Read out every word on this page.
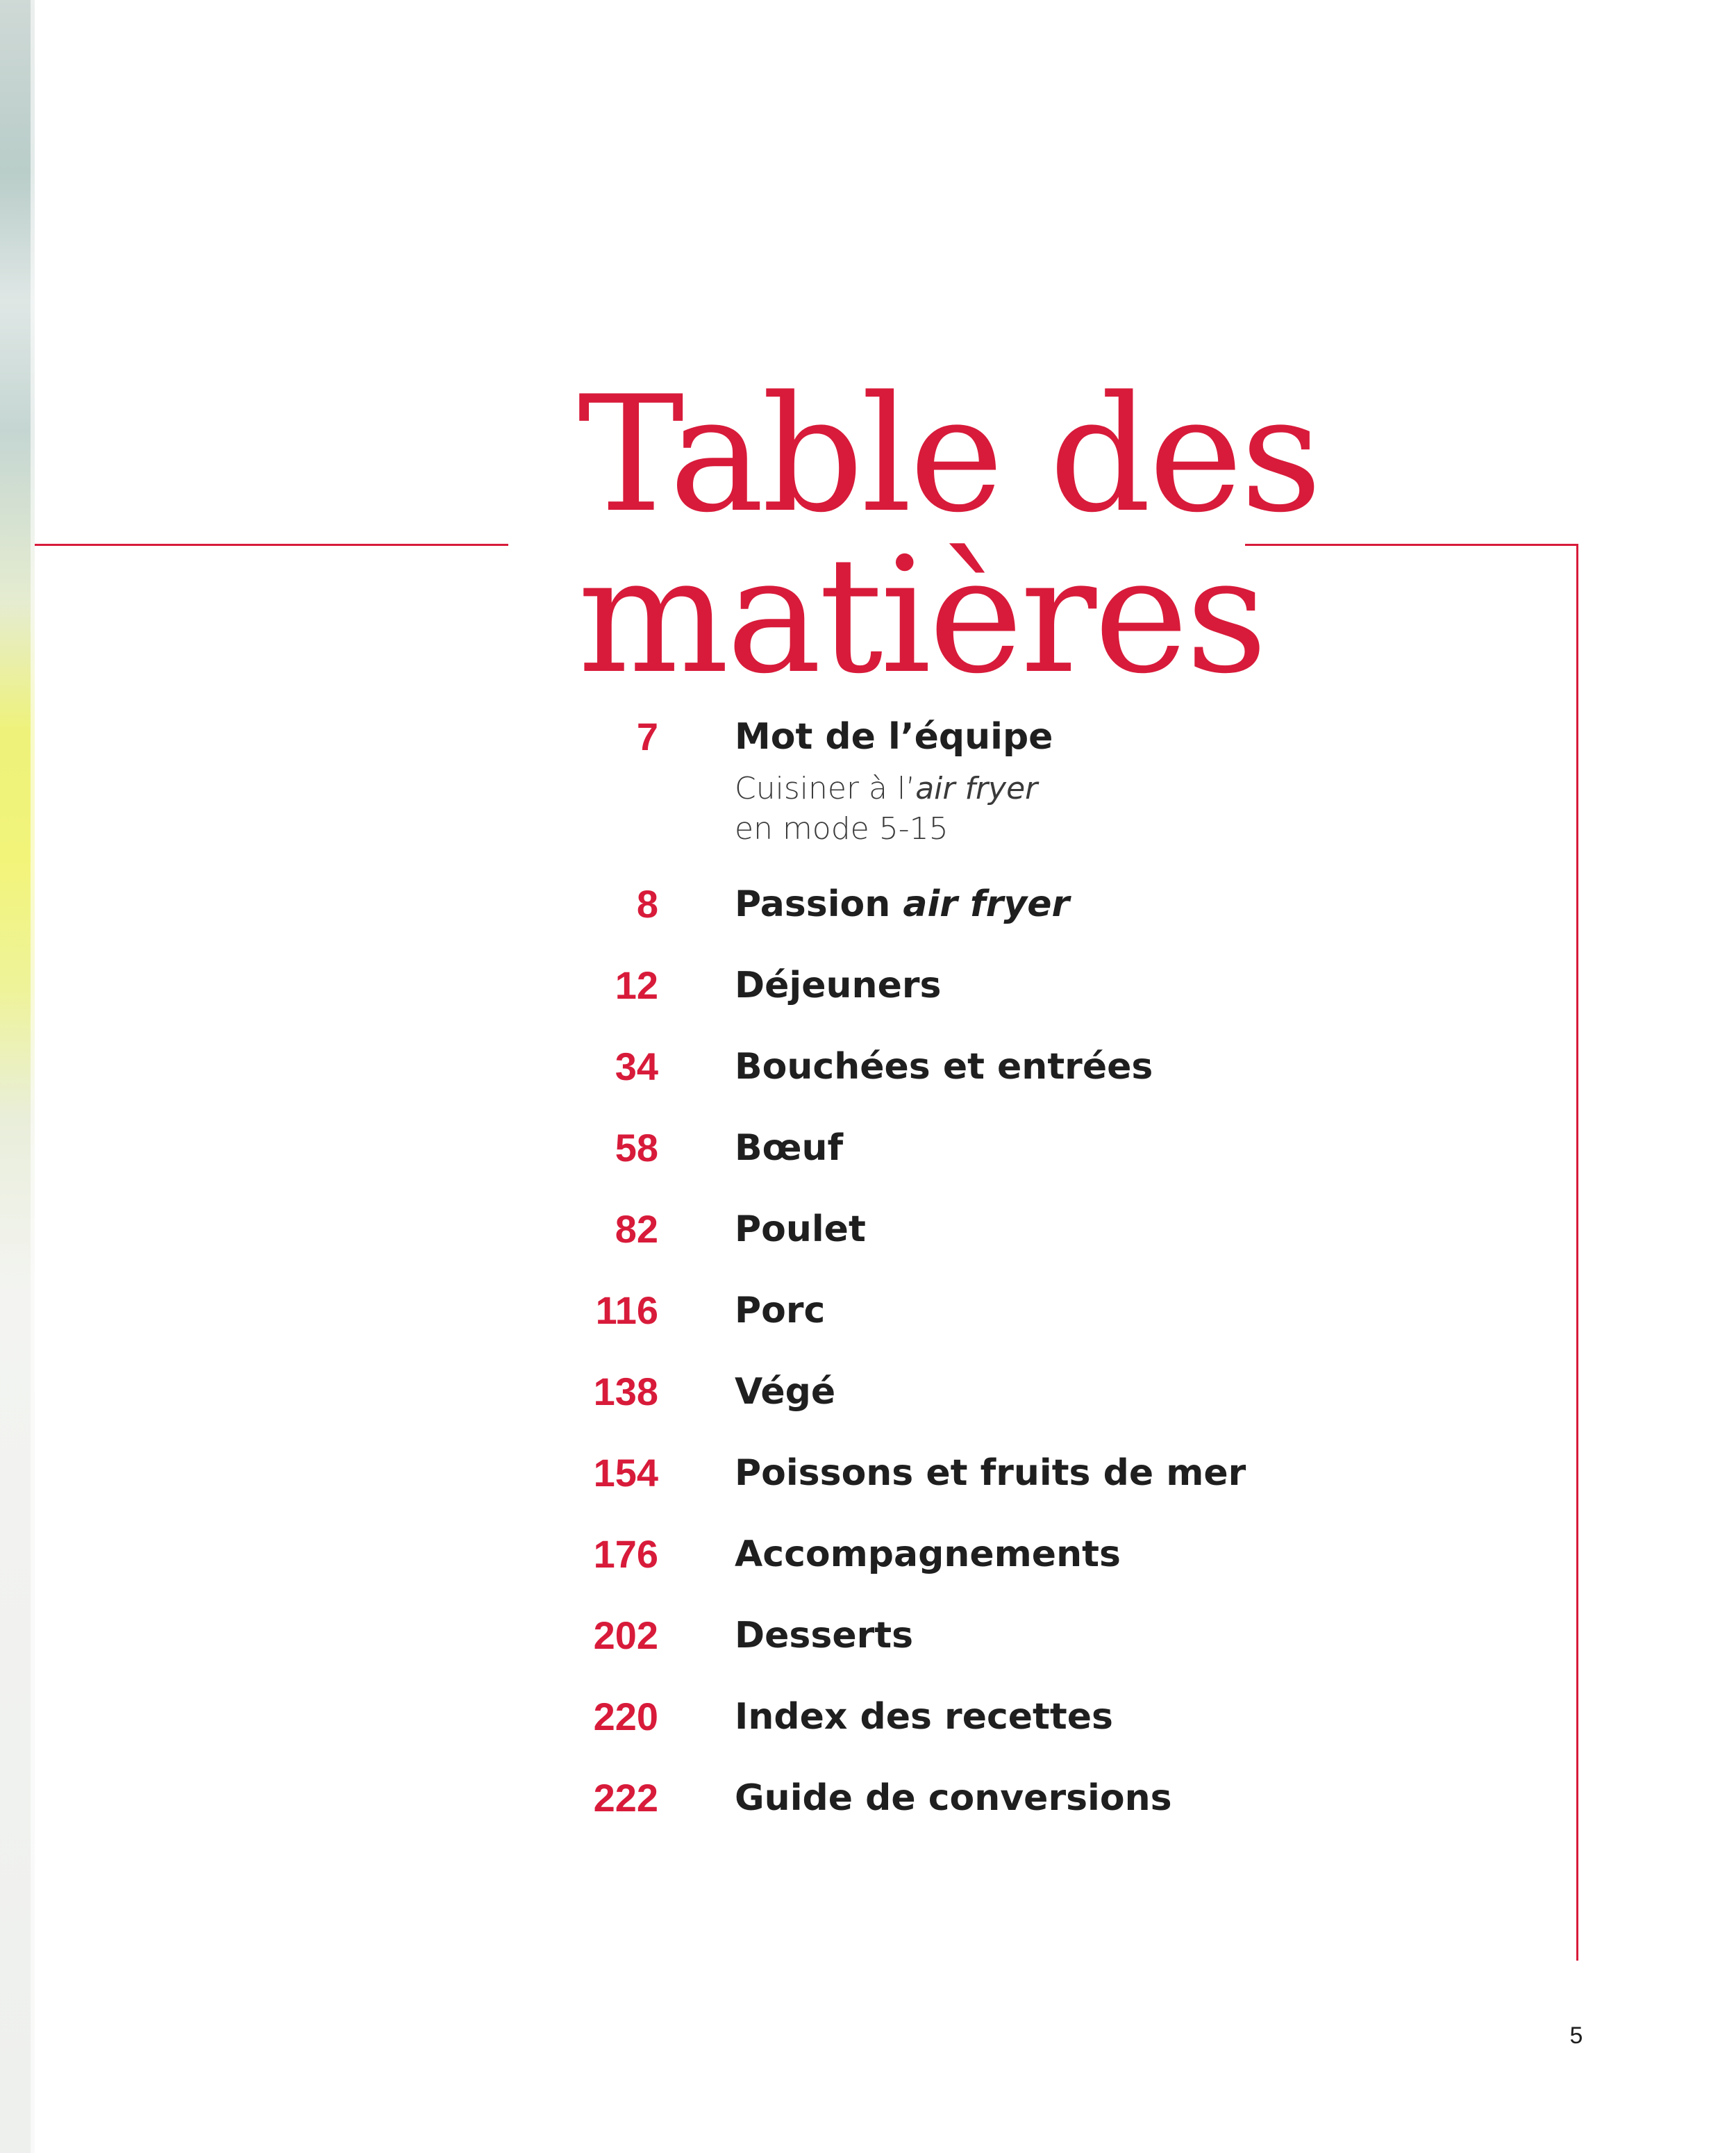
Table des
matières
7 Mot de l’équipe
Cuisiner à l’air fryer
en mode 5-15
8 Passion air fryer
12 Déjeuners
34 Bouchées et entrées
58 Bœuf
82 Poulet
116 Porc
138 Végé
154 Poissons et fruits de mer
176 Accompagnements
202 Desserts
220 Index des recettes
222 Guide de conversions
5
